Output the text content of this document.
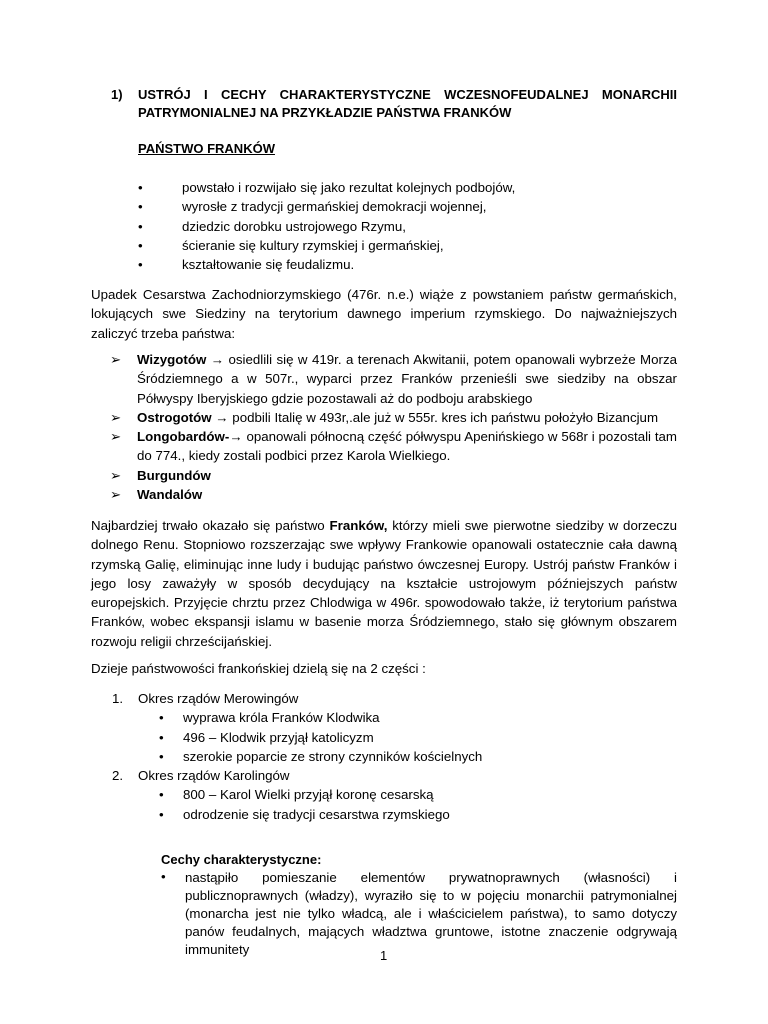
1) USTRÓJ I CECHY CHARAKTERYSTYCZNE WCZESNOFEUDALNEJ MONARCHII
PATRYMONIALNEJ NA PRZYKŁADZIE PAŃSTWA FRANKÓW
PAŃSTWO FRANKÓW
•	powstało i rozwijało się jako rezultat kolejnych podbojów,
•	wyrosłe z tradycji germańskiej demokracji wojennej,
•	dziedzic dorobku ustrojowego Rzymu,
•	ścieranie się kultury rzymskiej i germańskiej,
•	kształtowanie się feudalizmu.
Upadek Cesarstwa Zachodniorzymskiego (476r. n.e.) wiąże z powstaniem państw germańskich, lokujących swe Siedziny na terytorium dawnego imperium rzymskiego. Do najważniejszych zaliczyć trzeba państwa:
➢ Wizygotów → osiedlili się w 419r. a terenach Akwitanii, potem opanowali wybrzeże Morza Śródziemnego a w 507r., wyparci przez Franków przenieśli swe siedziby na obszar Półwyspy Iberyjskiego gdzie pozostawali aż do podboju arabskiego
➢ Ostrogotów → podbili Italię w 493r,.ale już w 555r. kres ich państwu położyło Bizancjum
➢ Longobardów-→ opanowali północną część półwyspu Apenińskiego w 568r i pozostali tam do 774., kiedy zostali podbici przez Karola Wielkiego.
➢ Burgundów
➢ Wandalów
Najbardziej trwało okazało się państwo Franków, którzy mieli swe pierwotne siedziby w dorzeczu dolnego Renu. Stopniowo rozszerzając swe wpływy Frankowie opanowali ostatecznie cała dawną rzymską Galię, eliminując inne ludy i budując państwo ówczesnej Europy. Ustrój państw Franków i jego losy zaważyły w sposób decydujący na kształcie ustrojowym późniejszych państw europejskich. Przyjęcie chrztu przez Chlodwiga w 496r. spowodowało także, iż terytorium państwa Franków, wobec ekspansji islamu w basenie morza Śródziemnego, stało się głównym obszarem rozwoju religii chrześcijańskiej.
Dzieje państwowości frankońskiej dzielą się na 2 części :
1. Okres rządów Merowingów
• wyprawa króla Franków Klodwika
• 496 – Klodwik przyjął katolicyzm
• szerokie poparcie ze strony czynników kościelnych
2. Okres rządów Karolingów
• 800 – Karol Wielki przyjął koronę cesarską
• odrodzenie się tradycji cesarstwa rzymskiego
Cechy charakterystyczne:
• nastąpiło pomieszanie elementów prywatnoprawnych (własności) i publicznoprawnych (władzy), wyraziło się to w pojęciu monarchii patrymonialnej (monarcha jest nie tylko władcą, ale i właścicielem państwa), to samo dotyczy panów feudalnych, mających władztwa gruntowe, istotne znaczenie odgrywają immunitety	1
